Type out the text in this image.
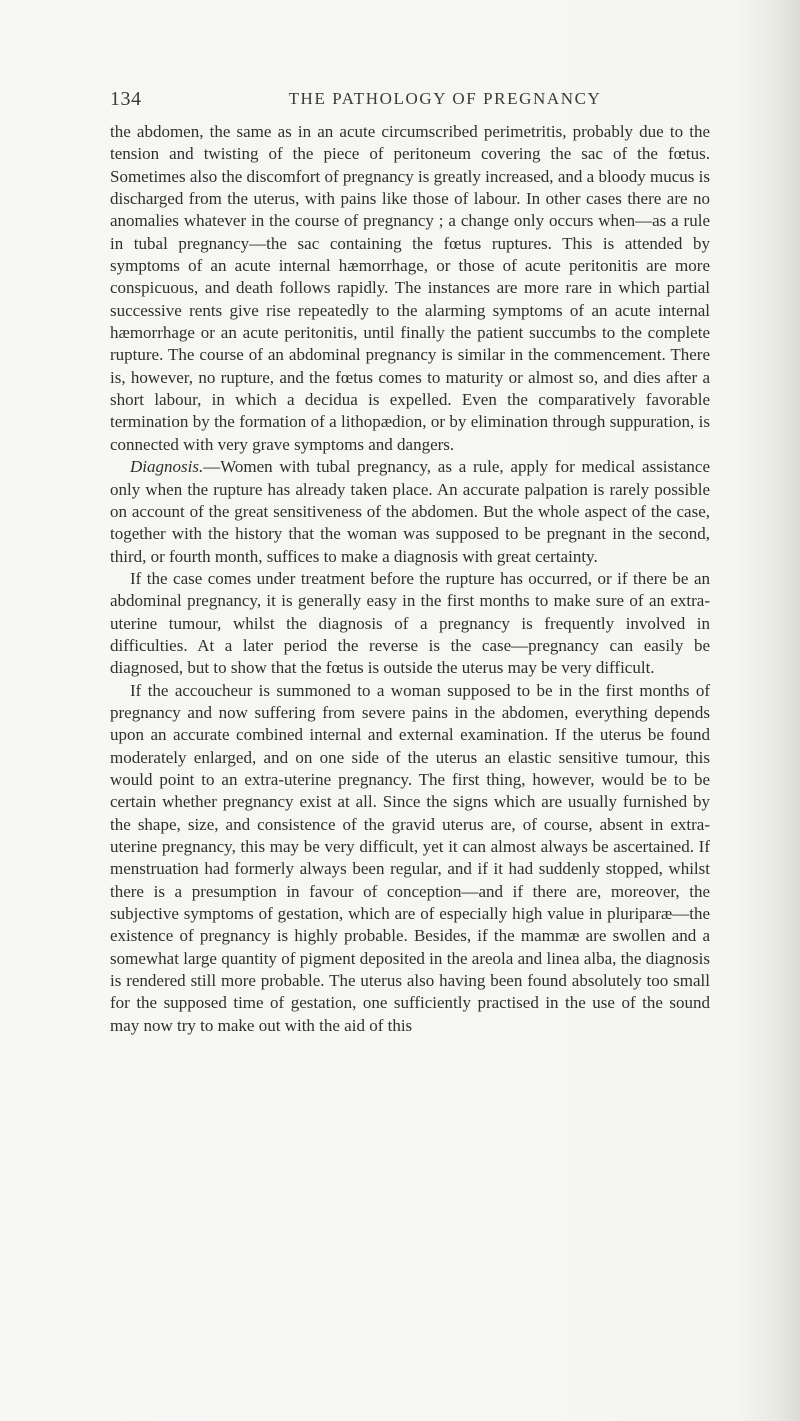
134	THE PATHOLOGY OF PREGNANCY

the abdomen, the same as in an acute circumscribed perimetritis, probably due to the tension and twisting of the piece of peritoneum covering the sac of the fœtus. Sometimes also the discomfort of pregnancy is greatly increased, and a bloody mucus is discharged from the uterus, with pains like those of labour. In other cases there are no anomalies whatever in the course of pregnancy ; a change only occurs when—as a rule in tubal pregnancy—the sac containing the fœtus ruptures. This is attended by symptoms of an acute internal hæmorrhage, or those of acute peritonitis are more conspicuous, and death follows rapidly. The instances are more rare in which partial successive rents give rise repeatedly to the alarming symptoms of an acute internal hæmorrhage or an acute peritonitis, until finally the patient succumbs to the complete rupture. The course of an abdominal pregnancy is similar in the commencement. There is, however, no rupture, and the fœtus comes to maturity or almost so, and dies after a short labour, in which a decidua is expelled. Even the comparatively favorable termination by the formation of a lithopædion, or by elimination through suppuration, is connected with very grave symptoms and dangers.

Diagnosis.—Women with tubal pregnancy, as a rule, apply for medical assistance only when the rupture has already taken place. An accurate palpation is rarely possible on account of the great sensitiveness of the abdomen. But the whole aspect of the case, together with the history that the woman was supposed to be pregnant in the second, third, or fourth month, suffices to make a diagnosis with great certainty.

If the case comes under treatment before the rupture has occurred, or if there be an abdominal pregnancy, it is generally easy in the first months to make sure of an extra-uterine tumour, whilst the diagnosis of a pregnancy is frequently involved in difficulties. At a later period the reverse is the case—pregnancy can easily be diagnosed, but to show that the fœtus is outside the uterus may be very difficult.

If the accoucheur is summoned to a woman supposed to be in the first months of pregnancy and now suffering from severe pains in the abdomen, everything depends upon an accurate combined internal and external examination. If the uterus be found moderately enlarged, and on one side of the uterus an elastic sensitive tumour, this would point to an extra-uterine pregnancy. The first thing, however, would be to be certain whether pregnancy exist at all. Since the signs which are usually furnished by the shape, size, and consistence of the gravid uterus are, of course, absent in extra-uterine pregnancy, this may be very difficult, yet it can almost always be ascertained. If menstruation had formerly always been regular, and if it had suddenly stopped, whilst there is a presumption in favour of conception—and if there are, moreover, the subjective symptoms of gestation, which are of especially high value in pluriparæ—the existence of pregnancy is highly probable. Besides, if the mammæ are swollen and a somewhat large quantity of pigment deposited in the areola and linea alba, the diagnosis is rendered still more probable. The uterus also having been found absolutely too small for the supposed time of gestation, one sufficiently practised in the use of the sound may now try to make out with the aid of this
